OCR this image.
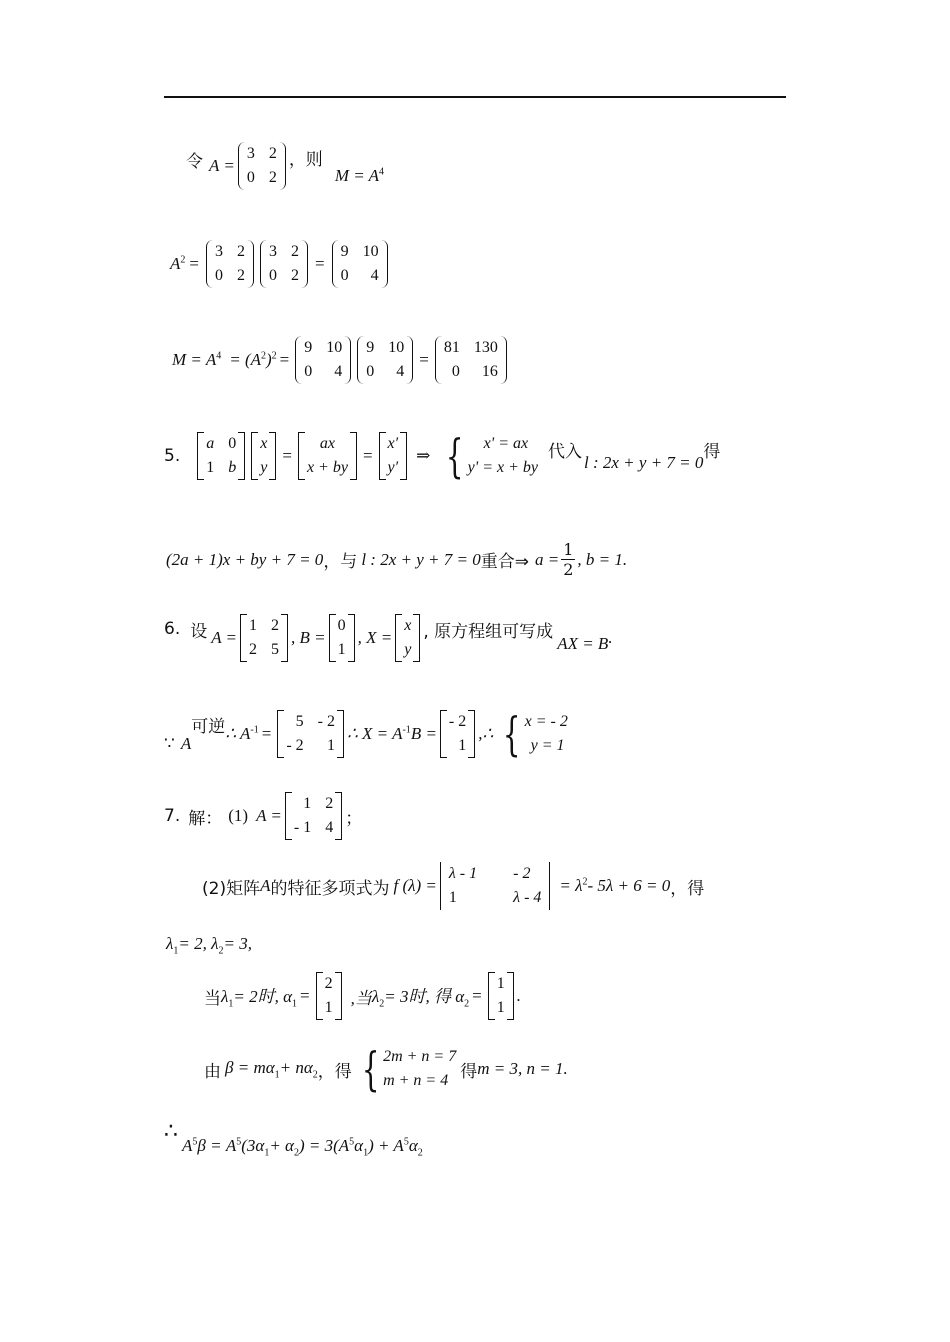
令 A =
3 2
0 2
，则
$M = A^4$
$A^2$ =
3 2
0 2
3 2
0 2
=
9 10
0	4
$M = A^4 = (A^2)^2$ =
9 10
0	4
9 10
0	4
=
81 130
0	16
5.
a 0
1 b
x
y
=
ax
x + by
=
x′
y′
⇒ {	x' = ax
y' = x + by
代入
l : 2x + y + 7 = 0
得
(2a + 1)x + by + 7 = 0 ，与 l : 2x + y + 7 = 0 重合⇒ $a = \frac{1}{2}$ , b = 1.
6. 设 A =
1 2
2 5
, B =
0
1
, X =
x
y
, 原方程组可写成
AX = B .
∵ A
可逆 ∴ $A^{-1}$ =
5 - 2
- 2	1
∴ $X = A^{-1}B$ =
- 2
1
,∴ { x = - 2
y = 1
7. 解： (1) A =
1 2
- 1 4 ；
(2)矩阵 A 的特征多项式为 f (λ) =
λ - 1 - 2
1	λ - 4
= $\lambda^2-$ 5λ + 6 = 0 ，得
$\lambda_1= 2$, $\lambda_2= 3$,
当 $\lambda_1= 2$时, $\alpha_1$ =
2
1 ,当 $\lambda_2= 3$时, 得 $\alpha_2$ =
1
1
.
由 $\beta = m\alpha_1+ n\alpha_2$ ，得 { 2m + n = 7
m + n = 4 得 m = 3, n = 1 .
∴
$A^5\beta = A^5(3\alpha_1+ \alpha_2) = 3(A^5\alpha_1) + A^5\alpha_2$
